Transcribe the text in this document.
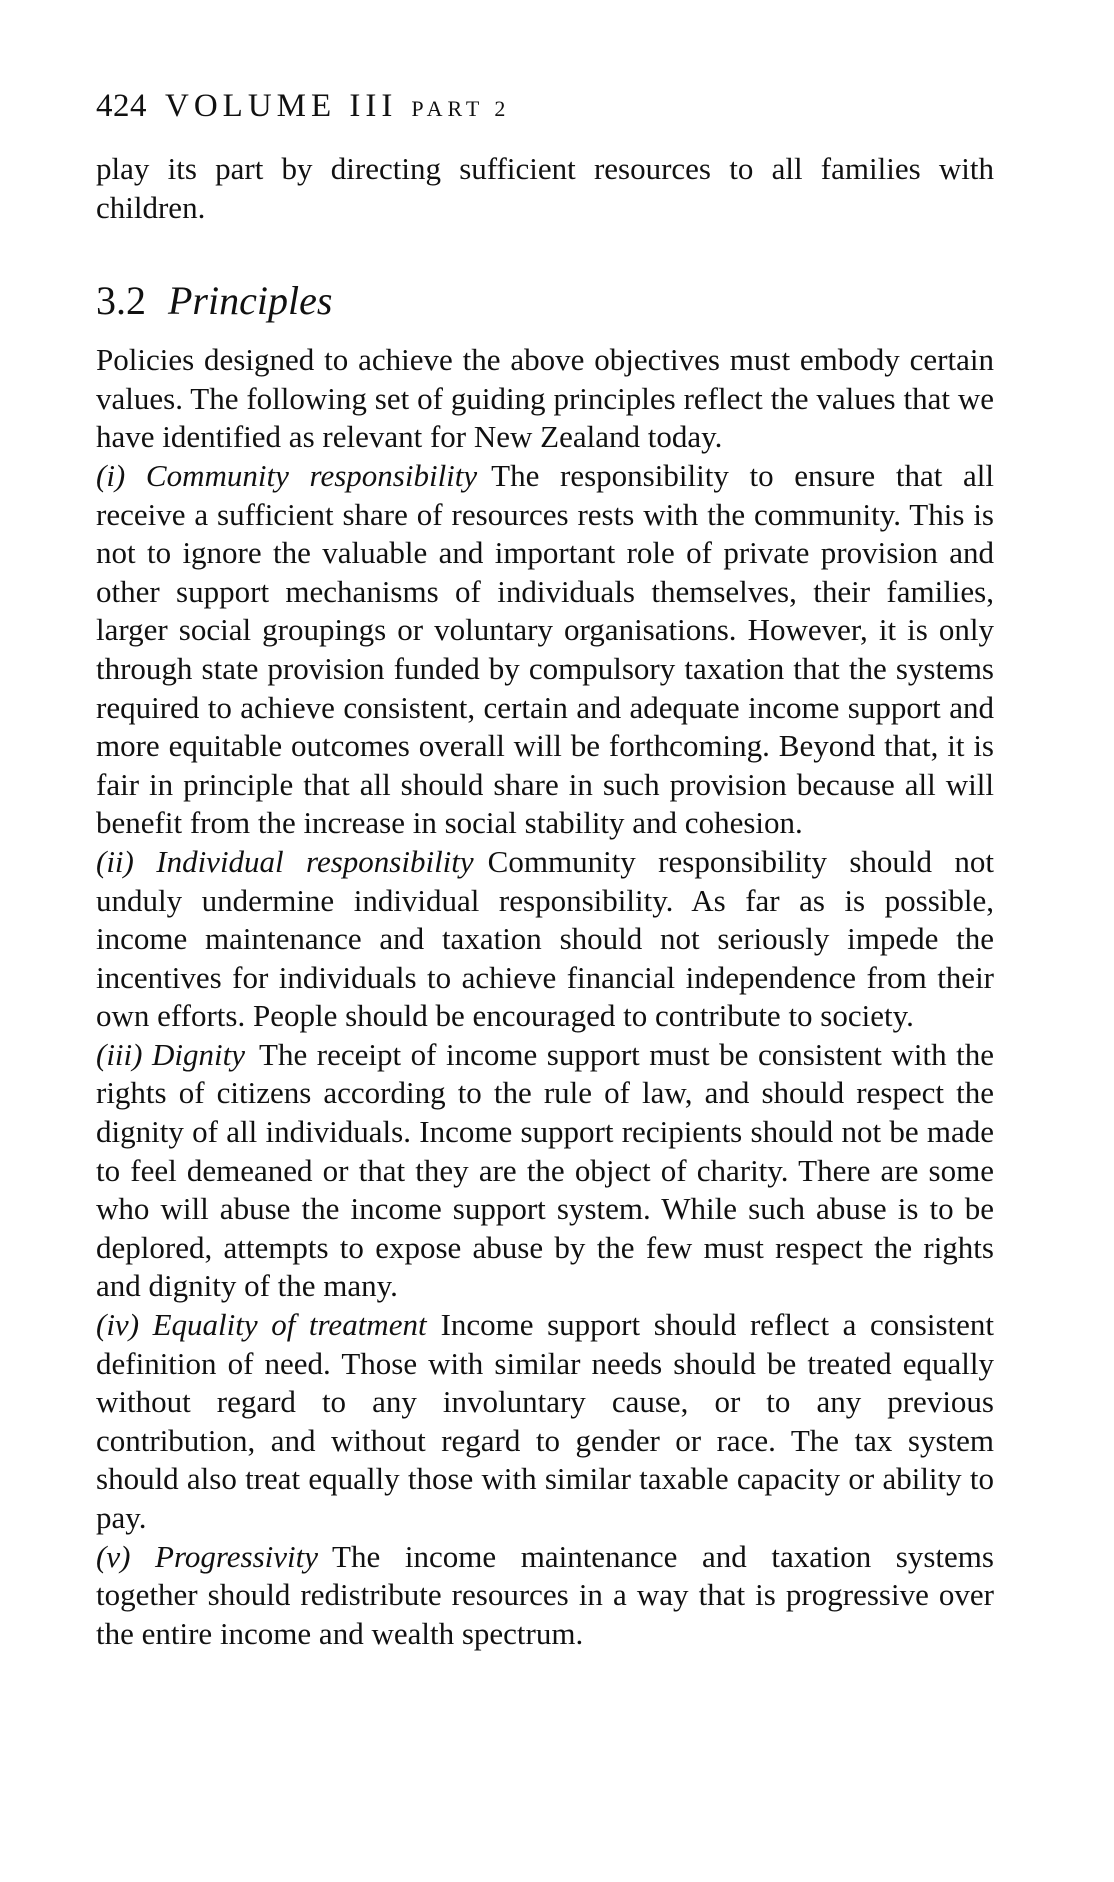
424 VOLUME III PART 2

play its part by directing sufficient resources to all families with children.

3.2 Principles

Policies designed to achieve the above objectives must embody certain values. The following set of guiding principles reflect the values that we have identified as relevant for New Zealand today.

(i) Community responsibility The responsibility to ensure that all receive a sufficient share of resources rests with the community. This is not to ignore the valuable and important role of private provision and other support mechanisms of individuals themselves, their families, larger social groupings or voluntary organisations. However, it is only through state provision funded by compulsory taxation that the systems required to achieve consistent, certain and adequate income support and more equitable outcomes overall will be forthcoming. Beyond that, it is fair in principle that all should share in such provision because all will benefit from the increase in social stability and cohesion.

(ii) Individual responsibility Community responsibility should not unduly undermine individual responsibility. As far as is possible, income maintenance and taxation should not seriously impede the incentives for individuals to achieve financial independence from their own efforts. People should be encouraged to contribute to society.

(iii) Dignity The receipt of income support must be consistent with the rights of citizens according to the rule of law, and should respect the dignity of all individuals. Income support recipients should not be made to feel demeaned or that they are the object of charity. There are some who will abuse the income support system. While such abuse is to be deplored, attempts to expose abuse by the few must respect the rights and dignity of the many.

(iv) Equality of treatment Income support should reflect a consistent definition of need. Those with similar needs should be treated equally without regard to any involuntary cause, or to any previous contribution, and without regard to gender or race. The tax system should also treat equally those with similar taxable capacity or ability to pay.

(v) Progressivity The income maintenance and taxation systems together should redistribute resources in a way that is progressive over the entire income and wealth spectrum.
